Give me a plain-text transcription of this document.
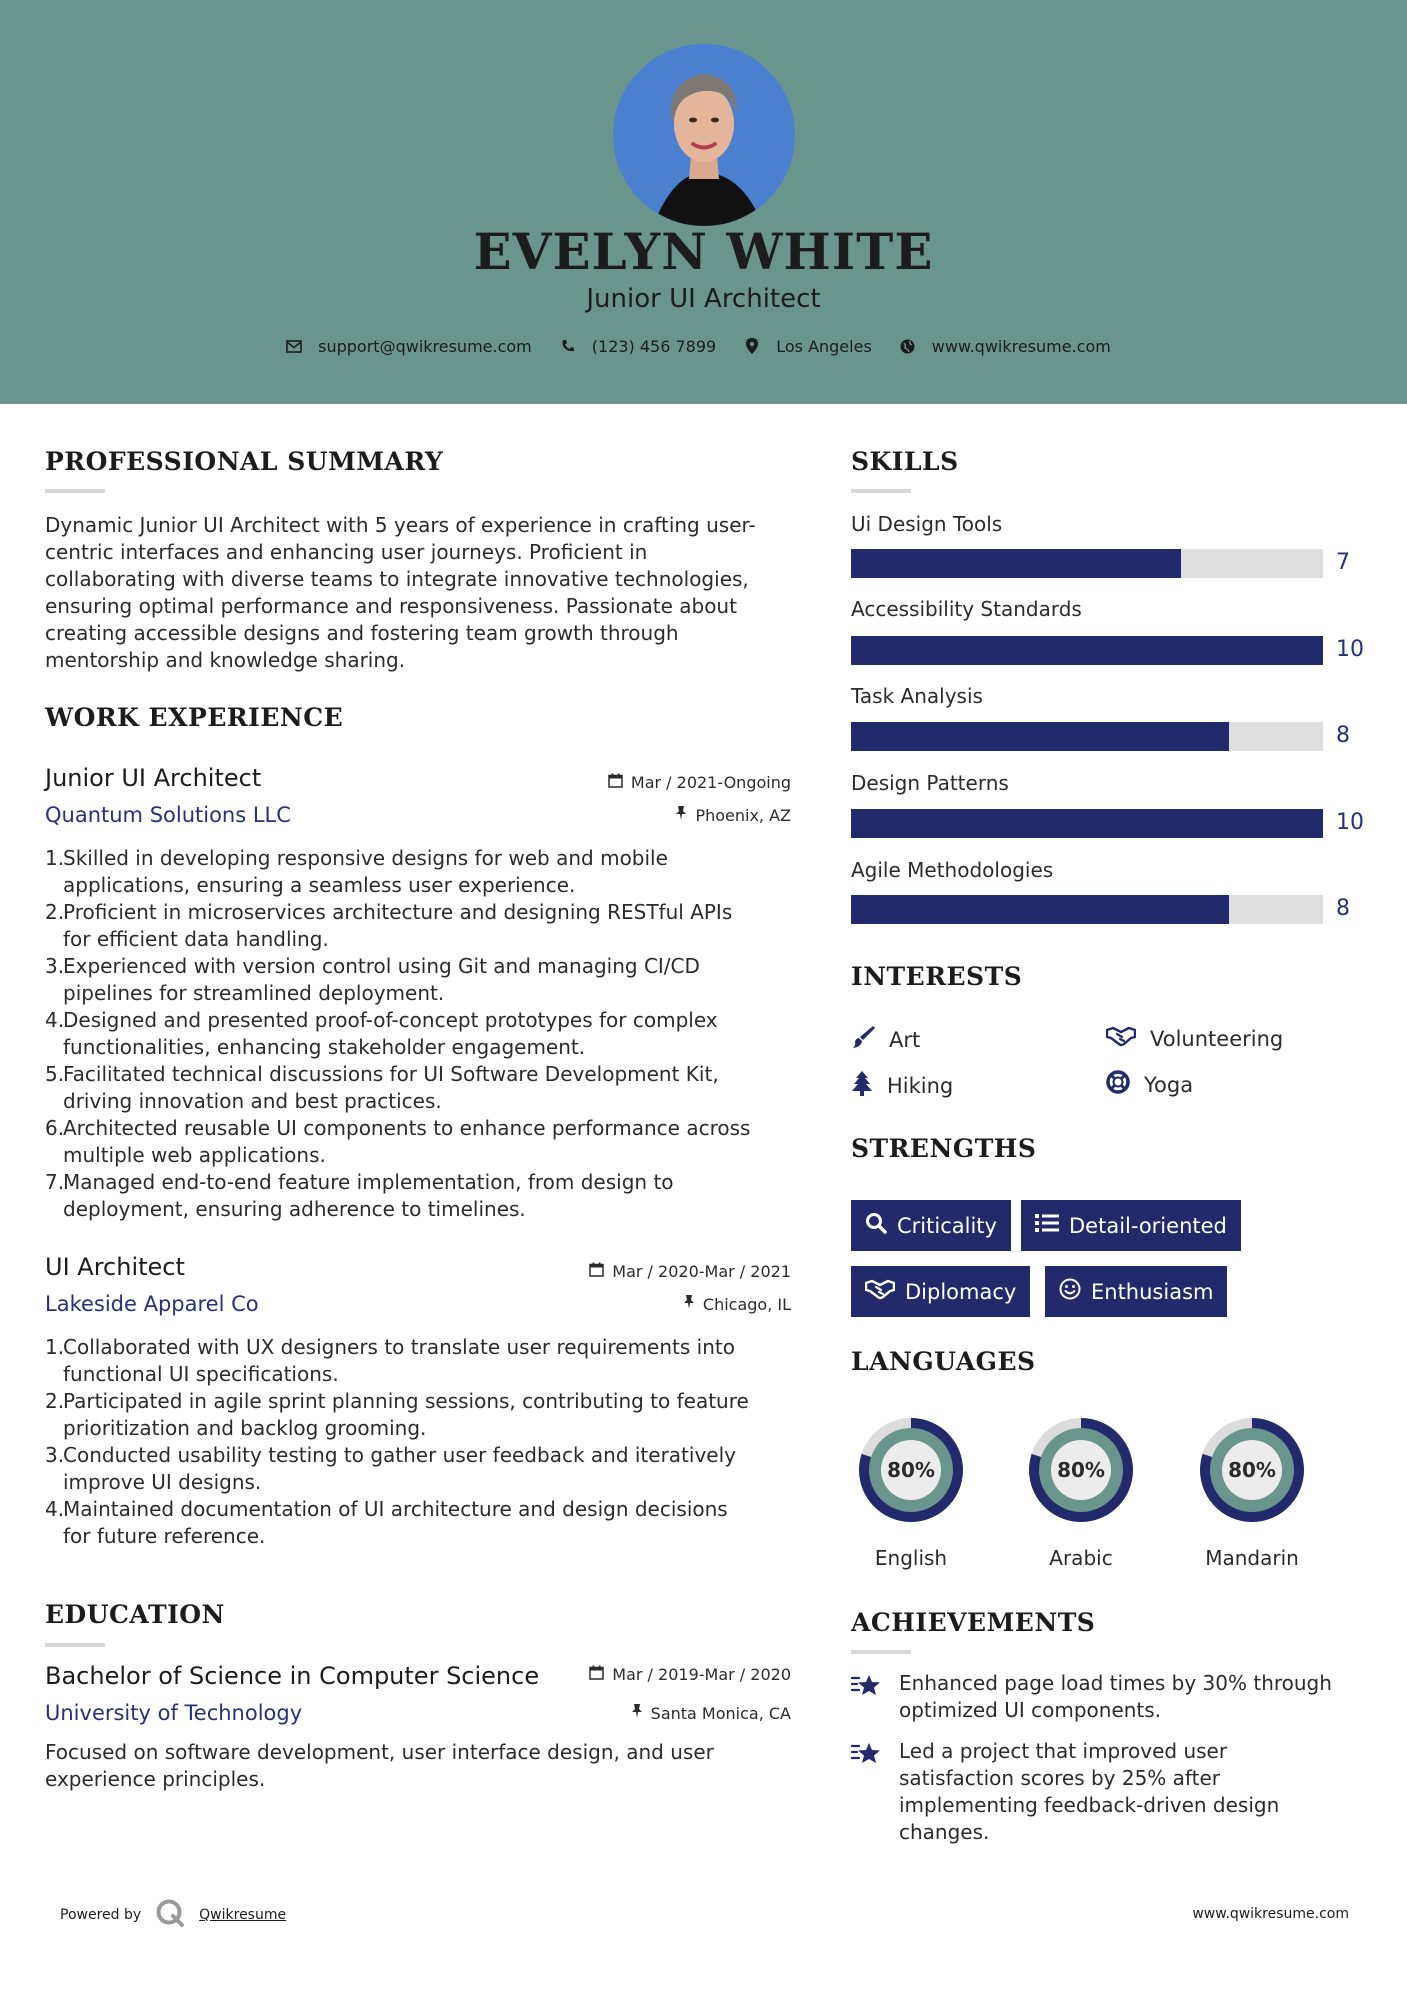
EVELYN WHITE
Junior UI Architect
support@qwikresume.com	(123) 456 7899	Los Angeles	www.qwikresume.com
PROFESSIONAL SUMMARY
Dynamic Junior UI Architect with 5 years of experience in crafting user-
centric interfaces and enhancing user journeys. Proficient in
collaborating with diverse teams to integrate innovative technologies,
ensuring optimal performance and responsiveness. Passionate about
creating accessible designs and fostering team growth through
mentorship and knowledge sharing.
WORK EXPERIENCE
Junior UI Architect
Quantum Solutions LLC
Mar / 2021-Ongoing
Phoenix, AZ
1.
Skilled in developing responsive designs for web and mobile
applications, ensuring a seamless user experience.
2.
Proficient in microservices architecture and designing RESTful APIs
for efficient data handling.
3.
Experienced with version control using Git and managing CI/CD
pipelines for streamlined deployment.
4.
Designed and presented proof-of-concept prototypes for complex
functionalities, enhancing stakeholder engagement.
5.
Facilitated technical discussions for UI Software Development Kit,
driving innovation and best practices.
6.
Architected reusable UI components to enhance performance across
multiple web applications.
7.
Managed end-to-end feature implementation, from design to
deployment, ensuring adherence to timelines.
UI Architect
Lakeside Apparel Co
Mar / 2020-Mar / 2021
Chicago, IL
1.
Collaborated with UX designers to translate user requirements into
functional UI specifications.
2.
Participated in agile sprint planning sessions, contributing to feature
prioritization and backlog grooming.
3.
Conducted usability testing to gather user feedback and iteratively
improve UI designs.
4.
Maintained documentation of UI architecture and design decisions
for future reference.
EDUCATION
Bachelor of Science in Computer Science
University of Technology
Mar / 2019-Mar / 2020
Santa Monica, CA
Focused on software development, user interface design, and user
experience principles.
SKILLS
Ui Design Tools
7
Accessibility Standards
10
Task Analysis
8
Design Patterns
10
Agile Methodologies
8
INTERESTS
Art	Volunteering
Hiking	Yoga
STRENGTHS
Criticality	Detail-oriented
Diplomacy	Enthusiasm
LANGUAGES
80%
English
80%
Arabic
80%
Mandarin
ACHIEVEMENTS
Enhanced page load times by 30% through
optimized UI components.
Led a project that improved user
satisfaction scores by 25% after
implementing feedback-driven design
changes.
Powered by	Qwikresume	www.qwikresume.com
